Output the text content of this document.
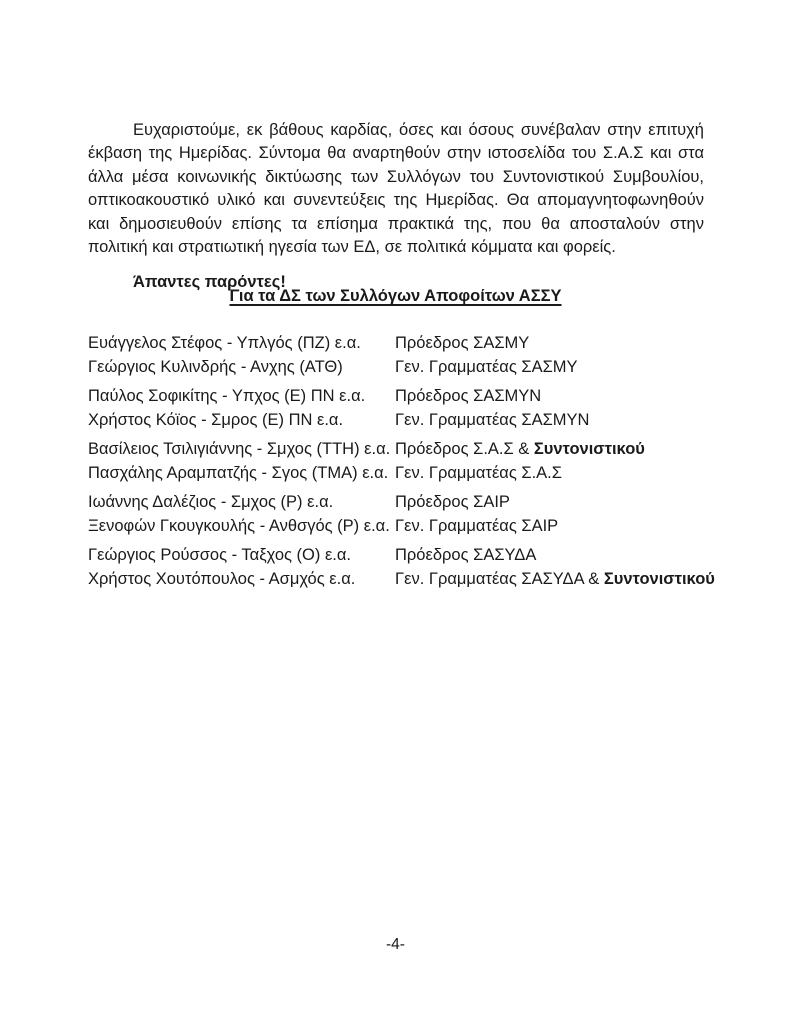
Ευχαριστούμε, εκ βάθους καρδίας, όσες και όσους συνέβαλαν στην επιτυχή έκβαση της Ημερίδας. Σύντομα θα αναρτηθούν στην ιστοσελίδα του Σ.Α.Σ και στα άλλα μέσα κοινωνικής δικτύωσης των Συλλόγων του Συντονιστικού Συμβουλίου, οπτικοακουστικό υλικό και συνεντεύξεις της Ημερίδας. Θα απομαγνητοφωνηθούν και δημοσιευθούν επίσης τα επίσημα πρακτικά της, που θα αποσταλούν στην πολιτική και στρατιωτική ηγεσία των ΕΔ, σε πολιτικά κόμματα και φορείς.

Άπαντες παρόντες!

Για τα ΔΣ των Συλλόγων Αποφοίτων ΑΣΣΥ
Ευάγγελος Στέφος - Υπλγός (ΠΖ) ε.α.	Πρόεδρος ΣΑΣΜΥ
Γεώργιος Κυλινδρής - Ανχης (ΑΤΘ)	Γεν. Γραμματέας ΣΑΣΜΥ
Παύλος Σοφικίτης - Υπχος (Ε) ΠΝ ε.α.	Πρόεδρος ΣΑΣΜΥΝ
Χρήστος Κόϊος - Σμρος (Ε) ΠΝ ε.α.	Γεν. Γραμματέας ΣΑΣΜΥΝ
Βασίλειος Τσιλιγιάννης - Σμχος (ΤΤΗ) ε.α. Πρόεδρος Σ.Α.Σ & Συντονιστικού
Πασχάλης Αραμπατζής - Σγος (ΤΜΑ) ε.α. Γεν. Γραμματέας Σ.Α.Σ
Ιωάννης Δαλέζιος - Σμχος (Ρ) ε.α.	Πρόεδρος ΣΑΙΡ
Ξενοφών Γκουγκουλής - Ανθσγός (Ρ) ε.α. Γεν. Γραμματέας ΣΑΙΡ
Γεώργιος Ρούσσος - Ταξχος (Ο) ε.α.	Πρόεδρος ΣΑΣΥΔΑ
Χρήστος Χουτόπουλος - Ασμχός ε.α.	Γεν. Γραμματέας ΣΑΣΥΔΑ & Συντονιστικού
-4-
